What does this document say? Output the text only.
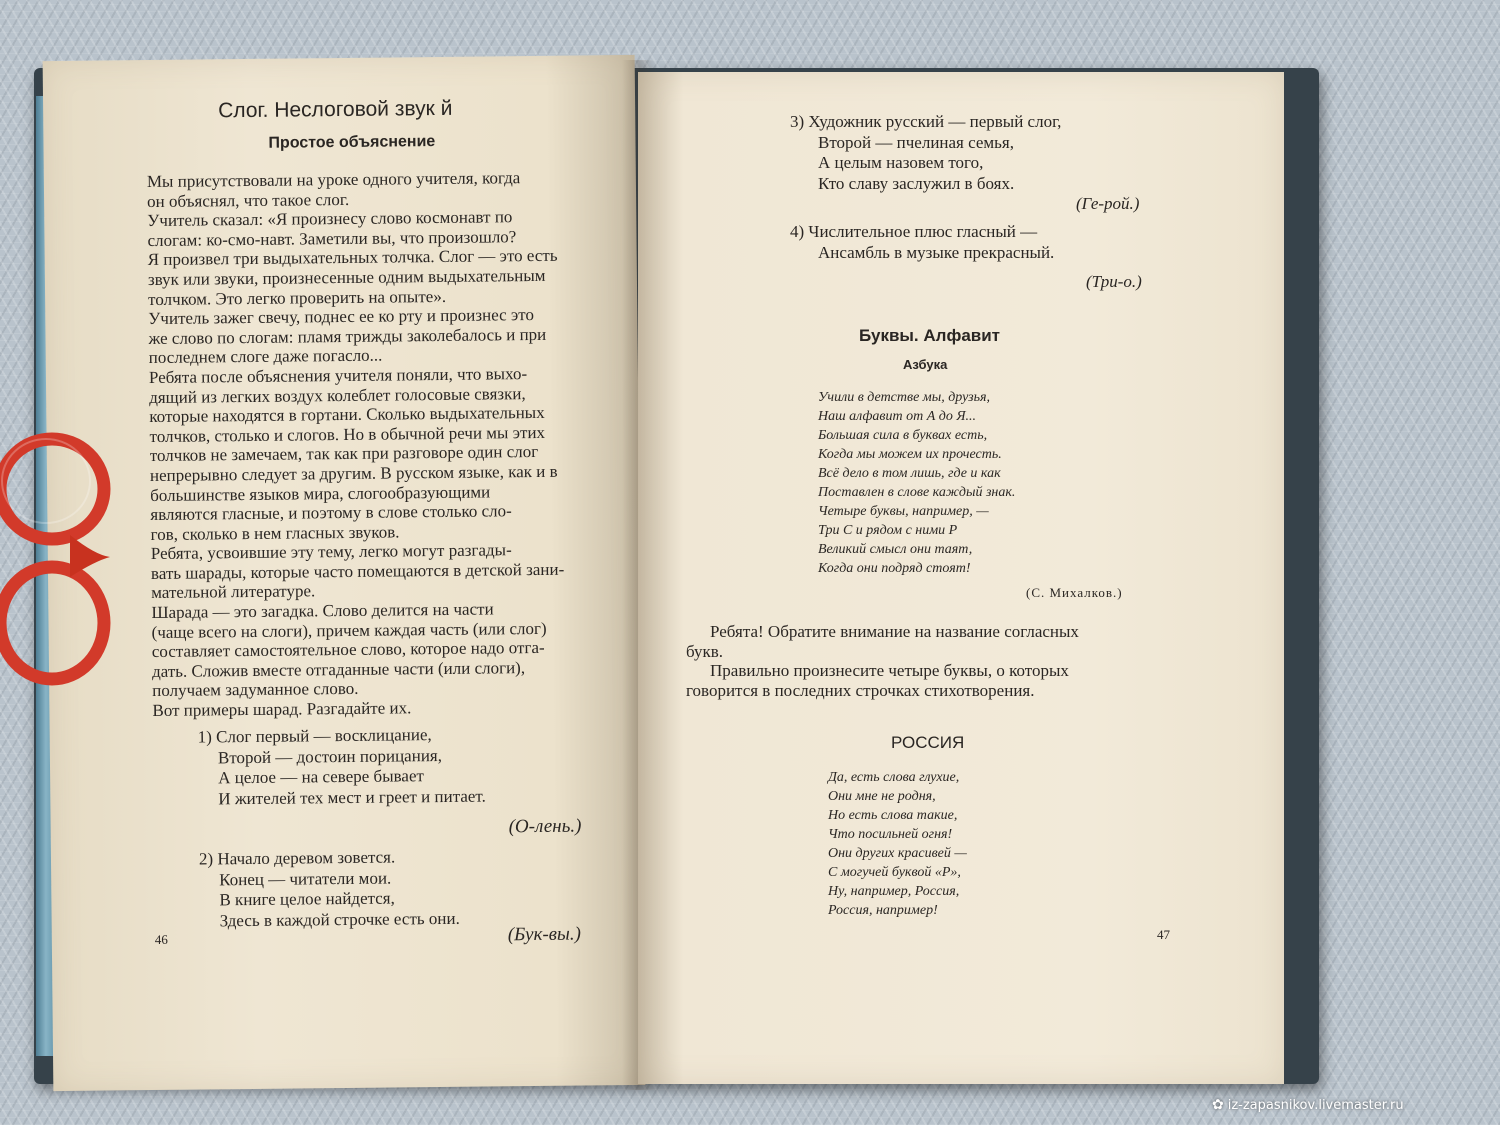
Слог. Неслоговой звук й
Простое объяснение
Мы присутствовали на уроке одного учителя, когда
он объяснял, что такое слог.
Учитель сказал: «Я произнесу слово космонавт по
слогам: ко-смо-навт. Заметили вы, что произошло?
Я произвел три выдыхательных толчка. Слог — это есть
звук или звуки, произнесенные одним выдыхательным
толчком. Это легко проверить на опыте».
Учитель зажег свечу, поднес ее ко рту и произнес это
же слово по слогам: пламя трижды заколебалось и при
последнем слоге даже погасло...
Ребята после объяснения учителя поняли, что выхо-
дящий из легких воздух колеблет голосовые связки,
которые находятся в гортани. Сколько выдыхательных
толчков, столько и слогов. Но в обычной речи мы этих
толчков не замечаем, так как при разговоре один слог
непрерывно следует за другим. В русском языке, как и в
большинстве языков мира, слогообразующими
являются гласные, и поэтому в слове столько сло-
гов, сколько в нем гласных звуков.
Ребята, усвоившие эту тему, легко могут разгады-
вать шарады, которые часто помещаются в детской зани-
мательной литературе.
Шарада — это загадка. Слово делится на части
(чаще всего на слоги), причем каждая часть (или слог)
составляет самостоятельное слово, которое надо отга-
дать. Сложив вместе отгаданные части (или слоги),
получаем задуманное слово.
Вот примеры шарад. Разгадайте их.
1) Слог первый — восклицание,
Второй — достоин порицания,
А целое — на севере бывает
И жителей тех мест и греет и питает.
(О-лень.)
2) Начало деревом зовется.
Конец — читатели мои.
В книге целое найдется,
Здесь в каждой строчке есть они.
(Бук-вы.)
46
3) Художник русский — первый слог,
Второй — пчелиная семья,
А целым назовем того,
Кто славу заслужил в боях.
(Ге-рой.)
4) Числительное плюс гласный —
Ансамбль в музыке прекрасный.
(Три-о.)
Буквы. Алфавит
Азбука
Учили в детстве мы, друзья,
Наш алфавит от А до Я...
Большая сила в буквах есть,
Когда мы можем их прочесть.
Всё дело в том лишь, где и как
Поставлен в слове каждый знак.
Четыре буквы, например, —
Три С и рядом с ними Р
Великий смысл они таят,
Когда они подряд стоят!
(С. Михалков.)
Ребята! Обратите внимание на название согласных
букв.
Правильно произнесите четыре буквы, о которых
говорится в последних строчках стихотворения.
РОССИЯ
Да, есть слова глухие,
Они мне не родня,
Но есть слова такие,
Что посильней огня!
Они других красивей —
С могучей буквой «Р»,
Ну, например, Россия,
Россия, например!
47
✿ iz-zapasnikov.livemaster.ru
